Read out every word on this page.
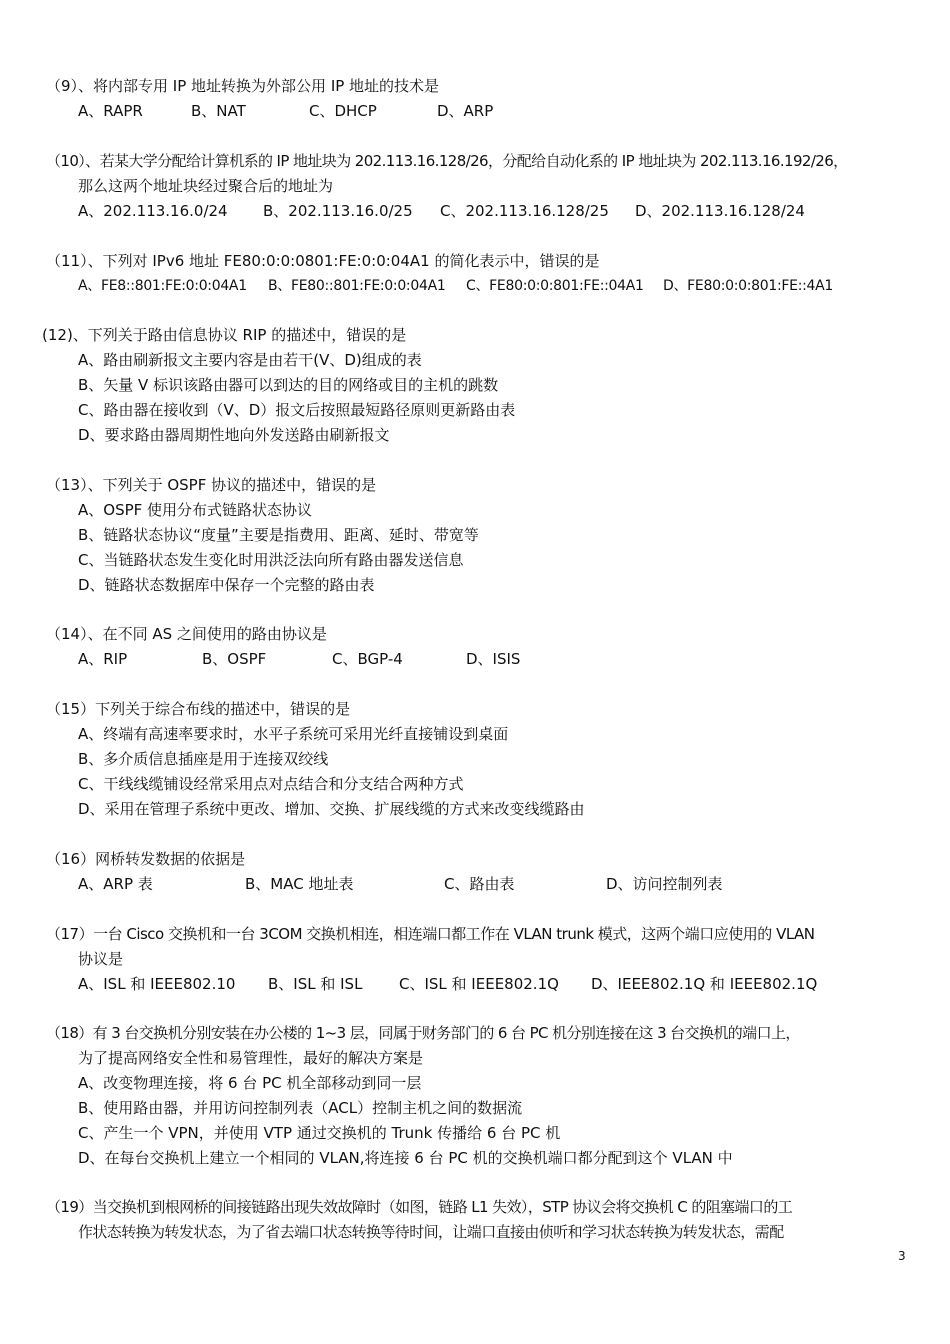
（9）、将内部专用 IP 地址转换为外部公用 IP 地址的技术是
A、RAPR	B、NAT	C、DHCP	D、ARP
（10）、若某大学分配给计算机系的 IP 地址块为 202.113.16.128/26，分配给自动化系的 IP 地址块为 202.113.16.192/26，
那么这两个地址块经过聚合后的地址为
A、202.113.16.0/24 B、202.113.16.0/25 C、202.113.16.128/25 D、202.113.16.128/24
（11）、下列对 IPv6 地址 FE80:0:0:0801:FE:0:0:04A1 的简化表示中，错误的是
A、FE8::801:FE:0:0:04A1 B、FE80::801:FE:0:0:04A1 C、FE80:0:0:801:FE::04A1 D、FE80:0:0:801:FE::4A1
(12)、下列关于路由信息协议 RIP 的描述中，错误的是
A、路由刷新报文主要内容是由若干(V、D)组成的表
B、矢量 V 标识该路由器可以到达的目的网络或目的主机的跳数
C、路由器在接收到（V、D）报文后按照最短路径原则更新路由表
D、要求路由器周期性地向外发送路由刷新报文
（13）、下列关于 OSPF 协议的描述中，错误的是
A、OSPF 使用分布式链路状态协议
B、链路状态协议“度量”主要是指费用、距离、延时、带宽等
C、当链路状态发生变化时用洪泛法向所有路由器发送信息
D、链路状态数据库中保存一个完整的路由表
（14）、在不同 AS 之间使用的路由协议是
A、RIP	B、OSPF	C、BGP-4	D、ISIS
（15）下列关于综合布线的描述中，错误的是
A、终端有高速率要求时，水平子系统可采用光纤直接铺设到桌面
B、多介质信息插座是用于连接双绞线
C、干线线缆铺设经常采用点对点结合和分支结合两种方式
D、采用在管理子系统中更改、增加、交换、扩展线缆的方式来改变线缆路由
（16）网桥转发数据的依据是
A、ARP 表	B、MAC 地址表	C、路由表	D、访问控制列表
（17）一台 Cisco 交换机和一台 3COM 交换机相连，相连端口都工作在 VLAN trunk 模式，这两个端口应使用的 VLAN
协议是
A、ISL 和 IEEE802.10 B、ISL 和 ISL C、ISL 和 IEEE802.1Q D、IEEE802.1Q 和 IEEE802.1Q
（18）有 3 台交换机分别安装在办公楼的 1~3 层，同属于财务部门的 6 台 PC 机分别连接在这 3 台交换机的端口上，
为了提高网络安全性和易管理性，最好的解决方案是
A、改变物理连接，将 6 台 PC 机全部移动到同一层
B、使用路由器，并用访问控制列表（ACL）控制主机之间的数据流
C、产生一个 VPN，并使用 VTP 通过交换机的 Trunk 传播给 6 台 PC 机
D、在每台交换机上建立一个相同的 VLAN,将连接 6 台 PC 机的交换机端口都分配到这个 VLAN 中
（19）当交换机到根网桥的间接链路出现失效故障时（如图，链路 L1 失效），STP 协议会将交换机 C 的阻塞端口的工
作状态转换为转发状态，为了省去端口状态转换等待时间，让端口直接由侦听和学习状态转换为转发状态，需配
3
